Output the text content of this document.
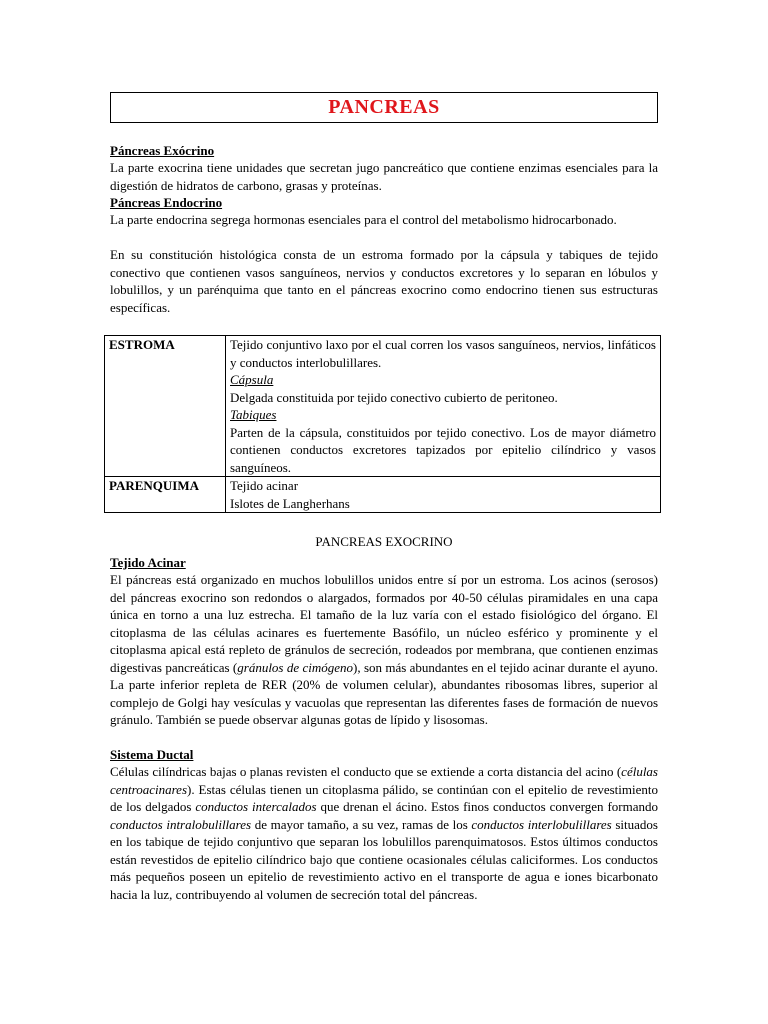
PANCREAS
Páncreas Exócrino

La parte exocrina tiene unidades que secretan jugo pancreático que contiene enzimas esenciales para la digestión de hidratos de carbono, grasas y proteínas.

Páncreas Endocrino

La parte endocrina segrega hormonas esenciales para el control del metabolismo hidrocarbonado.

En su constitución histológica consta de un estroma formado por la cápsula y tabiques de tejido conectivo que contienen vasos sanguíneos, nervios y conductos excretores y lo separan en lóbulos y lobulillos, y un parénquima que tanto en el páncreas exocrino como endocrino tienen sus estructuras específicas.

ESTROMA	Tejido conjuntivo laxo por el cual corren los vasos sanguíneos, nervios, linfáticos y conductos interlobulillares.
Cápsula
Delgada constituida por tejido conectivo cubierto de peritoneo.
Tabiques
Parten de la cápsula, constituidos por tejido conectivo. Los de mayor diámetro contienen conductos excretores tapizados por epitelio cilíndrico y vasos sanguíneos.

PARENQUIMA	Tejido acinar
Islotes de Langherhans
PANCREAS EXOCRINO
Tejido Acinar

El páncreas está organizado en muchos lobulillos unidos entre sí por un estroma. Los acinos (serosos) del páncreas exocrino son redondos o alargados, formados por 40-50 células piramidales en una capa única en torno a una luz estrecha. El tamaño de la luz varía con el estado fisiológico del órgano. El citoplasma de las células acinares es fuertemente Basófilo, un núcleo esférico y prominente y el citoplasma apical está repleto de gránulos de secreción, rodeados por membrana, que contienen enzimas digestivas pancreáticas (gránulos de cimógeno), son más abundantes en el tejido acinar durante el ayuno. La parte inferior repleta de RER (20% de volumen celular), abundantes ribosomas libres, superior al complejo de Golgi hay vesículas y vacuolas que representan las diferentes fases de formación de nuevos gránulo. También se puede observar algunas gotas de lípido y lisosomas.

Sistema Ductal

Células cilíndricas bajas o planas revisten el conducto que se extiende a corta distancia del acino (células centroacinares). Estas células tienen un citoplasma pálido, se continúan con el epitelio de revestimiento de los delgados conductos intercalados que drenan el ácino. Estos finos conductos convergen formando conductos intralobulillares de mayor tamaño, a su vez, ramas de los conductos interlobulillares situados en los tabique de tejido conjuntivo que separan los lobulillos parenquimatosos. Estos últimos conductos están revestidos de epitelio cilíndrico bajo que contiene ocasionales células caliciformes. Los conductos más pequeños poseen un epitelio de revestimiento activo en el transporte de agua e iones bicarbonato hacia la luz, contribuyendo al volumen de secreción total del páncreas.
